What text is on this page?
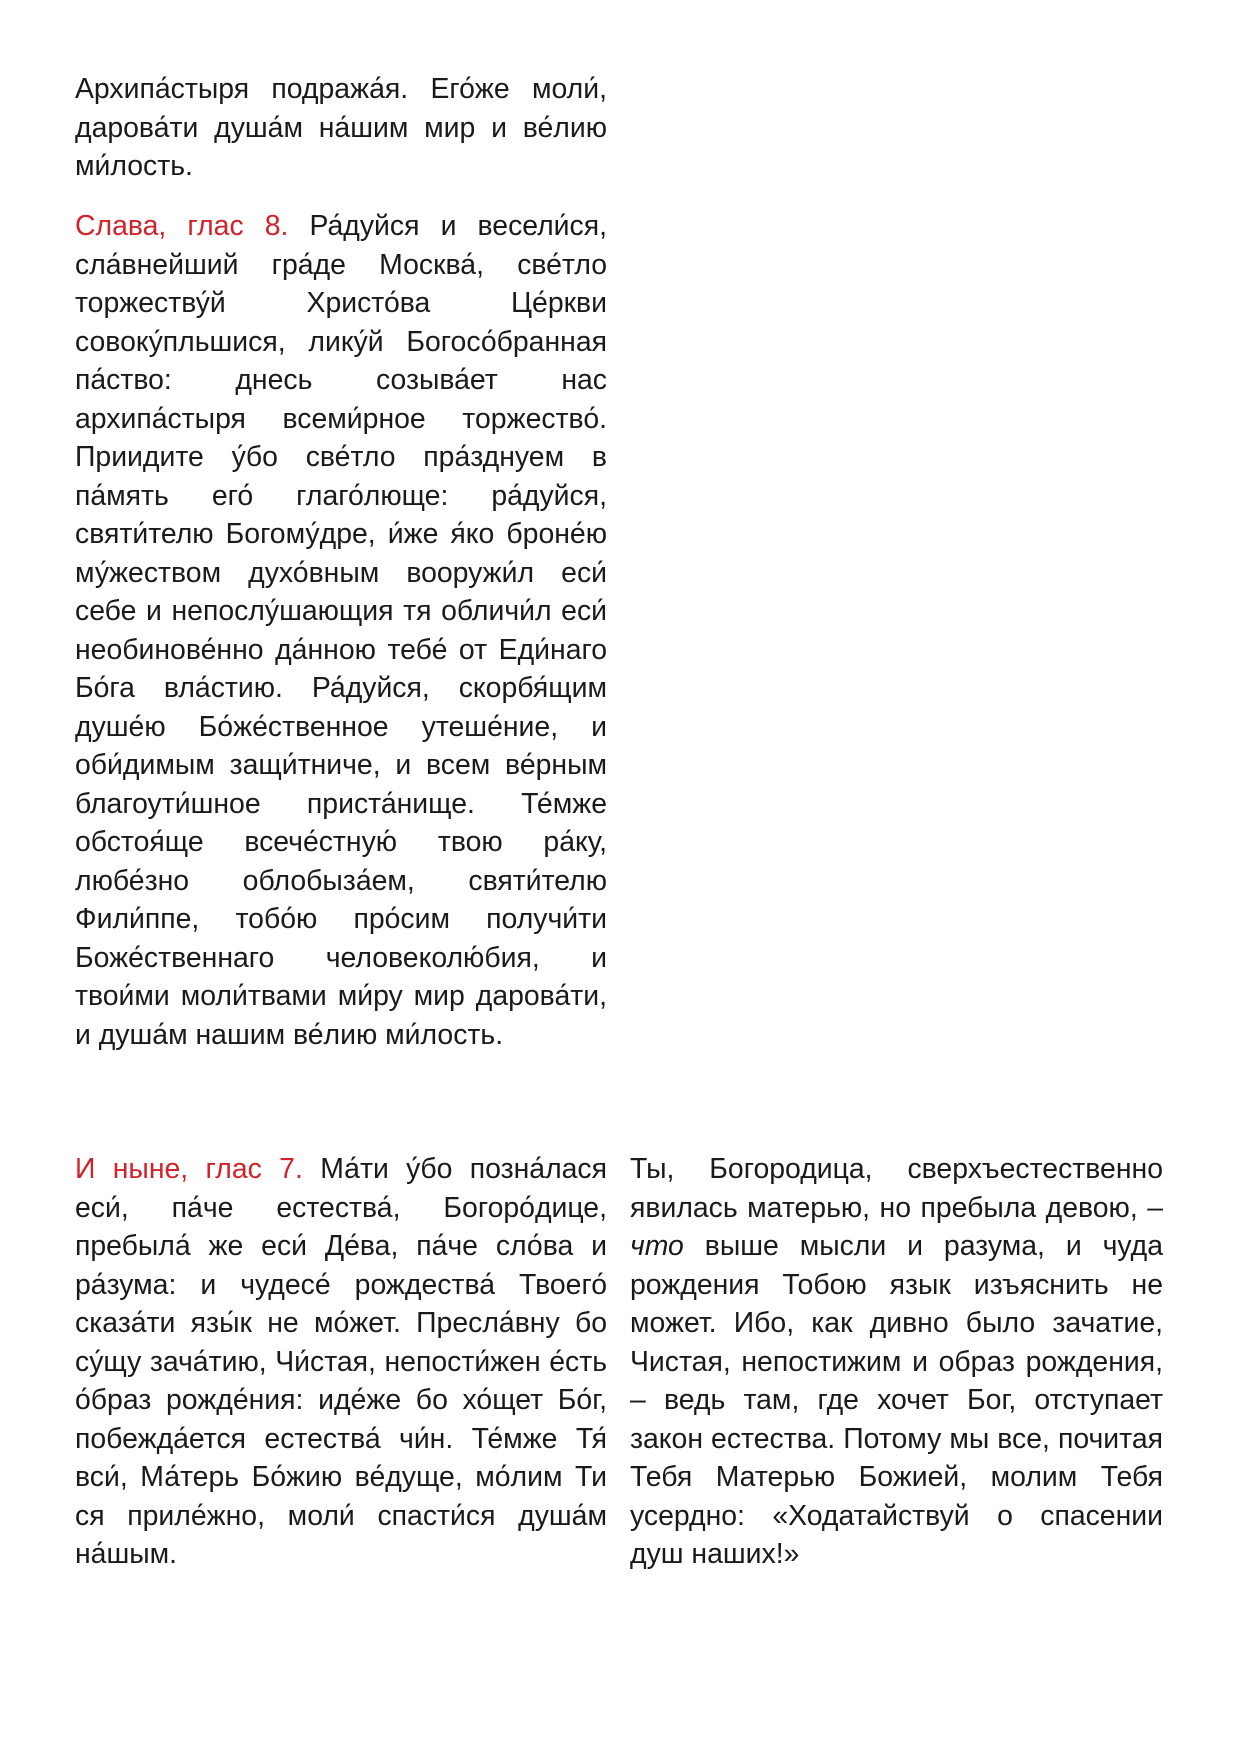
Архипа́стыря подража́я. Его́же моли́, дарова́ти душа́м на́шим мир и ве́лию ми́лость.

Слава, глас 8. Ра́дуйся и весели́ся, сла́внейший гра́де Москва́, све́тло торжеству́й Христо́ва Це́ркви совоку́пльшися, лику́й Богосо́бранная па́ство: днесь созыва́ет нас архипа́стыря всеми́рное торжество́. Приидите у́бо све́тло пра́зднуем в па́мять его́ глаго́люще: ра́дуйся, святи́телю Богому́дре, и́же я́ко броне́ю му́жеством духо́вным вооружи́л еси́ себе и непослу́шающия тя обличи́л еси́ необинове́нно да́нною тебе́ от Еди́наго Бо́га вла́стию. Ра́дуйся, скорбя́щим душе́ю Бо́же́ственное утеше́ние, и оби́димым защи́тниче, и всем ве́рным благоути́шное приста́нище. Те́мже обстоя́ще всече́стную́ твою ра́ку, любе́зно облобыза́ем, святи́телю Фили́ппе, тобо́ю про́сим получи́ти Боже́ственнаго человеколю́бия, и твои́ми моли́твами ми́ру мир дарова́ти, и душа́м нашим ве́лию ми́лость.

И ныне, глас 7. Ма́ти у́бо позна́лася еси́, па́че естества́, Богоро́дице, пребыла́ же еси́ Де́ва, па́че сло́ва и ра́зума: и чудесе́ рождества́ Твоего́ сказа́ти язы́к не мо́жет. Пресла́вну бо су́щу зача́тию, Чи́стая, непости́жен е́сть о́браз рожде́ния: иде́же бо хо́щет Бо́г, побежда́ется естества́ чи́н. Те́мже Тя́ вси́, Ма́терь Бо́жию ве́дуще, мо́лим Ти ся приле́жно, моли́ спасти́ся душа́м на́шым.

Ты, Богородица, сверхъестественно явилась матерью, но пребыла девою, – что выше мысли и разума, и чуда рождения Тобою язык изъяснить не может. Ибо, как дивно было зачатие, Чистая, непостижим и образ рождения, – ведь там, где хочет Бог, отступает закон естества. Потому мы все, почитая Тебя Матерью Божией, молим Тебя усердно: «Ходатайствуй о спасении душ наших!»
